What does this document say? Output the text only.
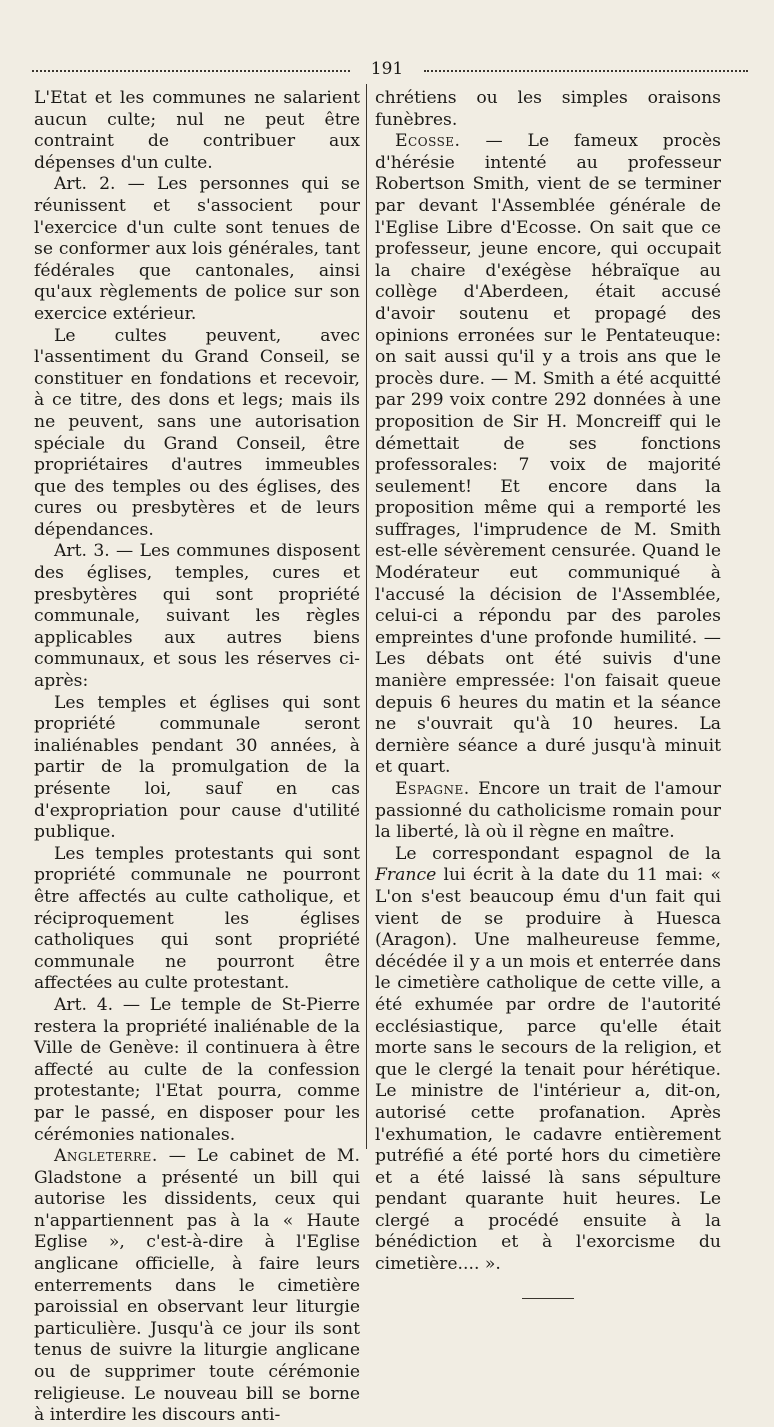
191

L'Etat et les communes ne salarient aucun culte; nul ne peut être contraint de contribuer aux dépenses d'un culte.

Art. 2. — Les personnes qui se réunissent et s'associent pour l'exercice d'un culte sont tenues de se conformer aux lois générales, tant fédérales que cantonales, ainsi qu'aux règlements de police sur son exercice extérieur.

Le cultes peuvent, avec l'assentiment du Grand Conseil, se constituer en fondations et recevoir, à ce titre, des dons et legs; mais ils ne peuvent, sans une autorisation spéciale du Grand Conseil, être propriétaires d'autres immeubles que des temples ou des églises, des cures ou presbytères et de leurs dépendances.

Art. 3. — Les communes disposent des églises, temples, cures et presbytères qui sont propriété communale, suivant les règles applicables aux autres biens communaux, et sous les réserves ci-après:

Les temples et églises qui sont propriété communale seront inaliénables pendant 30 années, à partir de la promulgation de la présente loi, sauf en cas d'expropriation pour cause d'utilité publique.

Les temples protestants qui sont propriété communale ne pourront être affectés au culte catholique, et réciproquement les églises catholiques qui sont propriété communale ne pourront être affectées au culte protestant.

Art. 4. — Le temple de St-Pierre restera la propriété inaliénable de la Ville de Genève: il continuera à être affecté au culte de la confession protestante; l'Etat pourra, comme par le passé, en disposer pour les cérémonies nationales.

Angleterre. — Le cabinet de M. Gladstone a présenté un bill qui autorise les dissidents, ceux qui n'appartiennent pas à la « Haute Eglise », c'est-à-dire à l'Eglise anglicane officielle, à faire leurs enterrements dans le cimetière paroissial en observant leur liturgie particulière. Jusqu'à ce jour ils sont tenus de suivre la liturgie anglicane ou de supprimer toute cérémonie religieuse. Le nouveau bill se borne à interdire les discours anti-

chrétiens ou les simples oraisons funèbres.

Ecosse. — Le fameux procès d'hérésie intenté au professeur Robertson Smith, vient de se terminer par devant l'Assemblée générale de l'Eglise Libre d'Ecosse. On sait que ce professeur, jeune encore, qui occupait la chaire d'exégèse hébraïque au collège d'Aberdeen, était accusé d'avoir soutenu et propagé des opinions erronées sur le Pentateuque: on sait aussi qu'il y a trois ans que le procès dure. — M. Smith a été acquitté par 299 voix contre 292 données à une proposition de Sir H. Moncreiff qui le démettait de ses fonctions professorales: 7 voix de majorité seulement! Et encore dans la proposition même qui a remporté les suffrages, l'imprudence de M. Smith est-elle sévèrement censurée. Quand le Modérateur eut communiqué à l'accusé la décision de l'Assemblée, celui-ci a répondu par des paroles empreintes d'une profonde humilité. — Les débats ont été suivis d'une manière empressée: l'on faisait queue depuis 6 heures du matin et la séance ne s'ouvrait qu'à 10 heures. La dernière séance a duré jusqu'à minuit et quart.

Espagne. Encore un trait de l'amour passionné du catholicisme romain pour la liberté, là où il règne en maître.

Le correspondant espagnol de la France lui écrit à la date du 11 mai: « L'on s'est beaucoup ému d'un fait qui vient de se produire à Huesca (Aragon). Une malheureuse femme, décédée il y a un mois et enterrée dans le cimetière catholique de cette ville, a été exhumée par ordre de l'autorité ecclésiastique, parce qu'elle était morte sans le secours de la religion, et que le clergé la tenait pour hérétique. Le ministre de l'intérieur a, dit-on, autorisé cette profanation. Après l'exhumation, le cadavre entièrement putréfié a été porté hors du cimetière et a été laissé là sans sépulture pendant quarante huit heures. Le clergé a procédé ensuite à la bénédiction et à l'exorcisme du cimetière.... ».
